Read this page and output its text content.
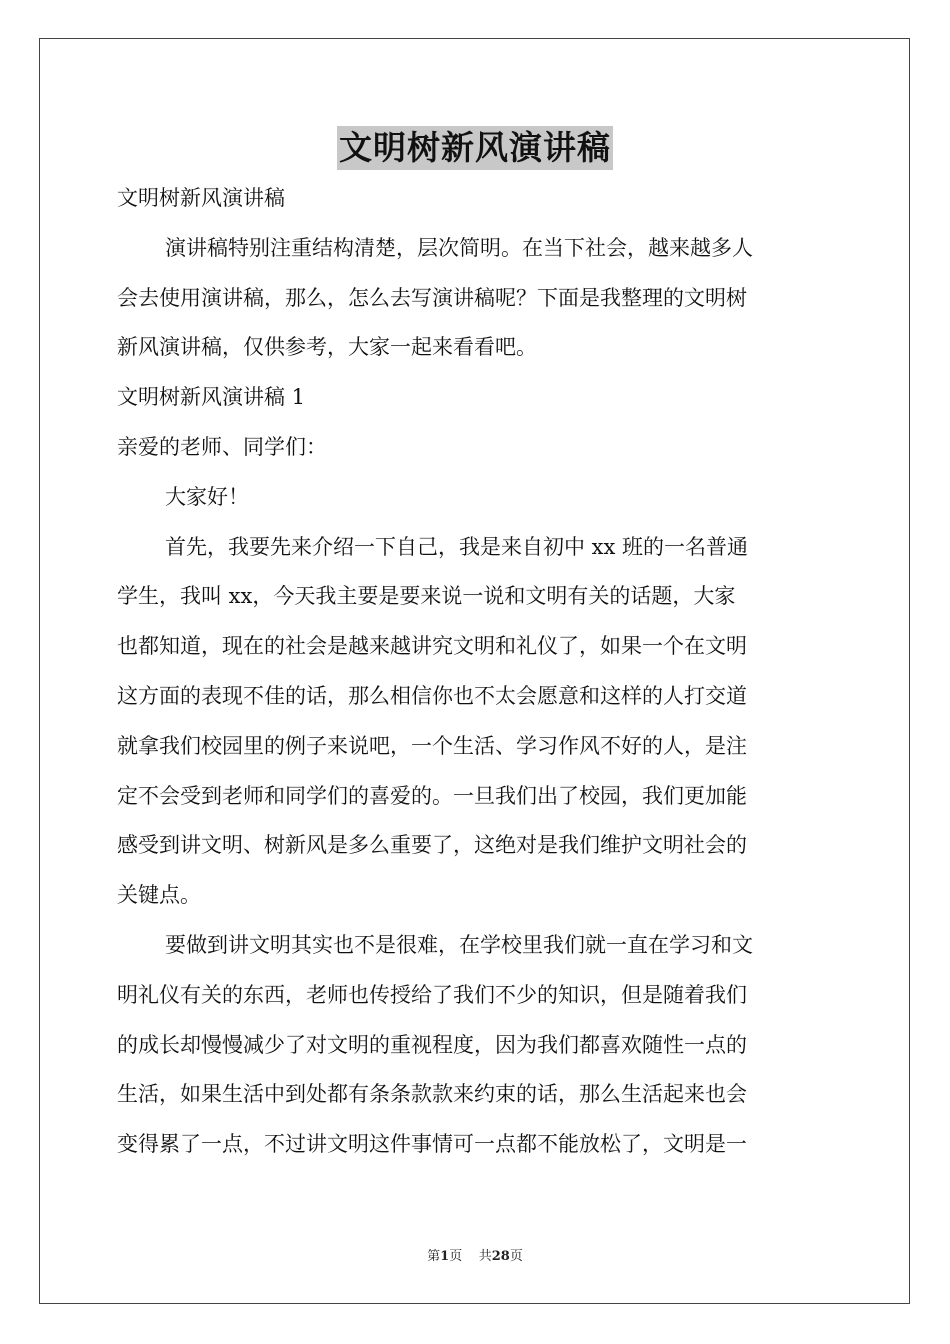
文明树新风演讲稿
文明树新风演讲稿
演讲稿特别注重结构清楚，层次简明。在当下社会，越来越多人
会去使用演讲稿，那么，怎么去写演讲稿呢？下面是我整理的文明树
新风演讲稿，仅供参考，大家一起来看看吧。
文明树新风演讲稿 1
亲爱的老师、同学们：
大家好！
首先，我要先来介绍一下自己，我是来自初中 xx 班的一名普通
学生，我叫 xx，今天我主要是要来说一说和文明有关的话题，大家
也都知道，现在的社会是越来越讲究文明和礼仪了，如果一个在文明
这方面的表现不佳的话，那么相信你也不太会愿意和这样的人打交道
就拿我们校园里的例子来说吧，一个生活、学习作风不好的人，是注
定不会受到老师和同学们的喜爱的。一旦我们出了校园，我们更加能
感受到讲文明、树新风是多么重要了，这绝对是我们维护文明社会的
关键点。
要做到讲文明其实也不是很难，在学校里我们就一直在学习和文
明礼仪有关的东西，老师也传授给了我们不少的知识，但是随着我们
的成长却慢慢减少了对文明的重视程度，因为我们都喜欢随性一点的
生活，如果生活中到处都有条条款款来约束的话，那么生活起来也会
变得累了一点，不过讲文明这件事情可一点都不能放松了，文明是一
第1页 共28页
